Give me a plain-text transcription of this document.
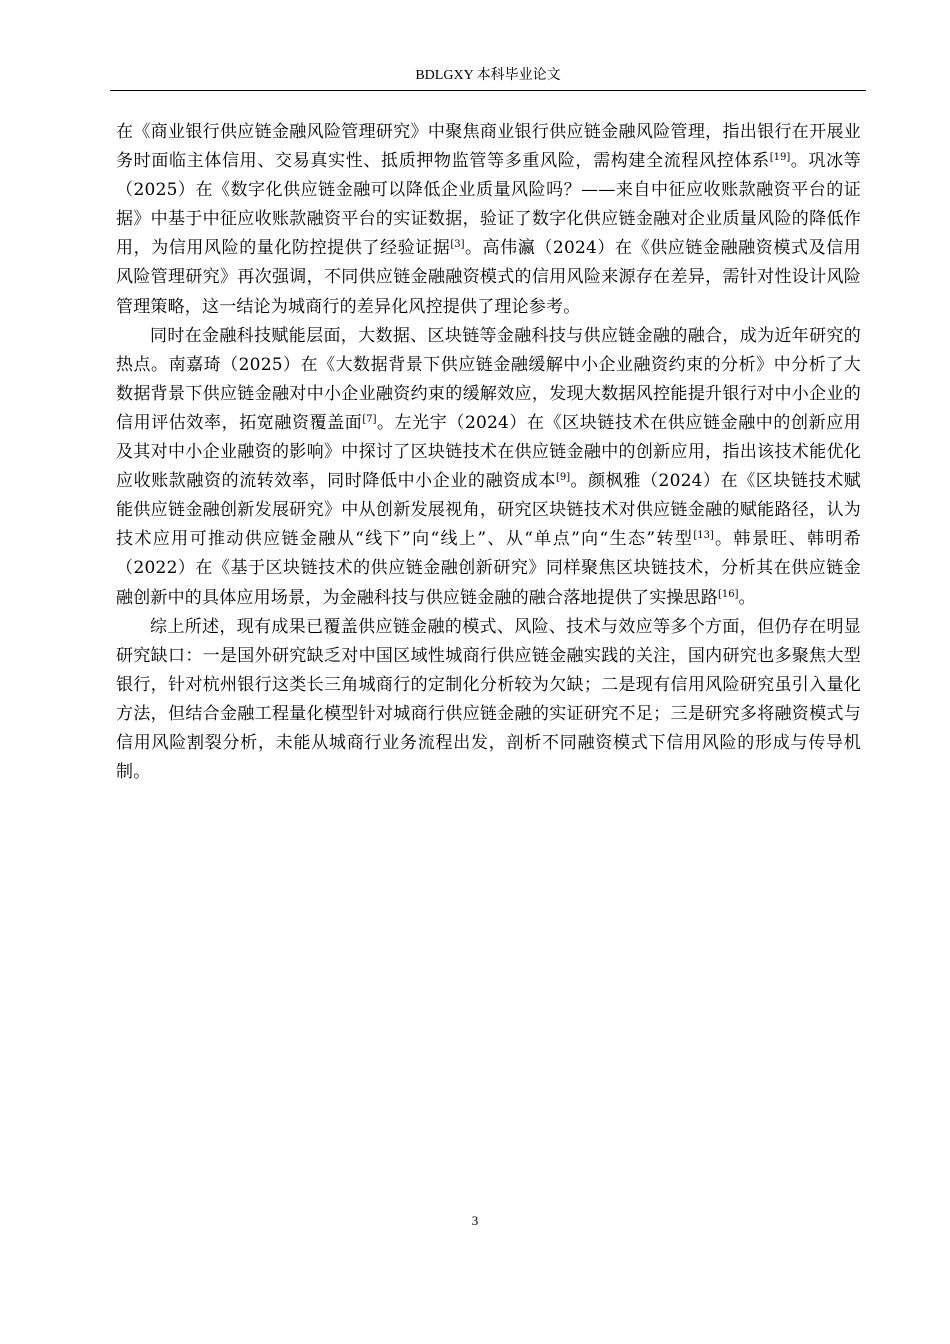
BDLGXY 本科毕业论文

在《商业银行供应链金融风险管理研究》中聚焦商业银行供应链金融风险管理，指出银行在开展业务时面临主体信用、交易真实性、抵质押物监管等多重风险，需构建全流程风控体系[19]。巩冰等（2025）在《数字化供应链金融可以降低企业质量风险吗？——来自中征应收账款融资平台的证据》中基于中征应收账款融资平台的实证数据，验证了数字化供应链金融对企业质量风险的降低作用，为信用风险的量化防控提供了经验证据[3]。高伟瀛（2024）在《供应链金融融资模式及信用风险管理研究》再次强调，不同供应链金融融资模式的信用风险来源存在差异，需针对性设计风险管理策略，这一结论为城商行的差异化风控提供了理论参考。

同时在金融科技赋能层面，大数据、区块链等金融科技与供应链金融的融合，成为近年研究的热点。南嘉琦（2025）在《大数据背景下供应链金融缓解中小企业融资约束的分析》中分析了大数据背景下供应链金融对中小企业融资约束的缓解效应，发现大数据风控能提升银行对中小企业的信用评估效率，拓宽融资覆盖面[7]。左光宇（2024）在《区块链技术在供应链金融中的创新应用及其对中小企业融资的影响》中探讨了区块链技术在供应链金融中的创新应用，指出该技术能优化应收账款融资的流转效率，同时降低中小企业的融资成本[9]。颜枫雅（2024）在《区块链技术赋能供应链金融创新发展研究》中从创新发展视角，研究区块链技术对供应链金融的赋能路径，认为技术应用可推动供应链金融从“线下”向“线上”、从“单点”向“生态”转型[13]。韩景旺、韩明希（2022）在《基于区块链技术的供应链金融创新研究》同样聚焦区块链技术，分析其在供应链金融创新中的具体应用场景，为金融科技与供应链金融的融合落地提供了实操思路[16]。

综上所述，现有成果已覆盖供应链金融的模式、风险、技术与效应等多个方面，但仍存在明显研究缺口：一是国外研究缺乏对中国区域性城商行供应链金融实践的关注，国内研究也多聚焦大型银行，针对杭州银行这类长三角城商行的定制化分析较为欠缺；二是现有信用风险研究虽引入量化方法，但结合金融工程量化模型针对城商行供应链金融的实证研究不足；三是研究多将融资模式与信用风险割裂分析，未能从城商行业务流程出发，剖析不同融资模式下信用风险的形成与传导机制。

3
